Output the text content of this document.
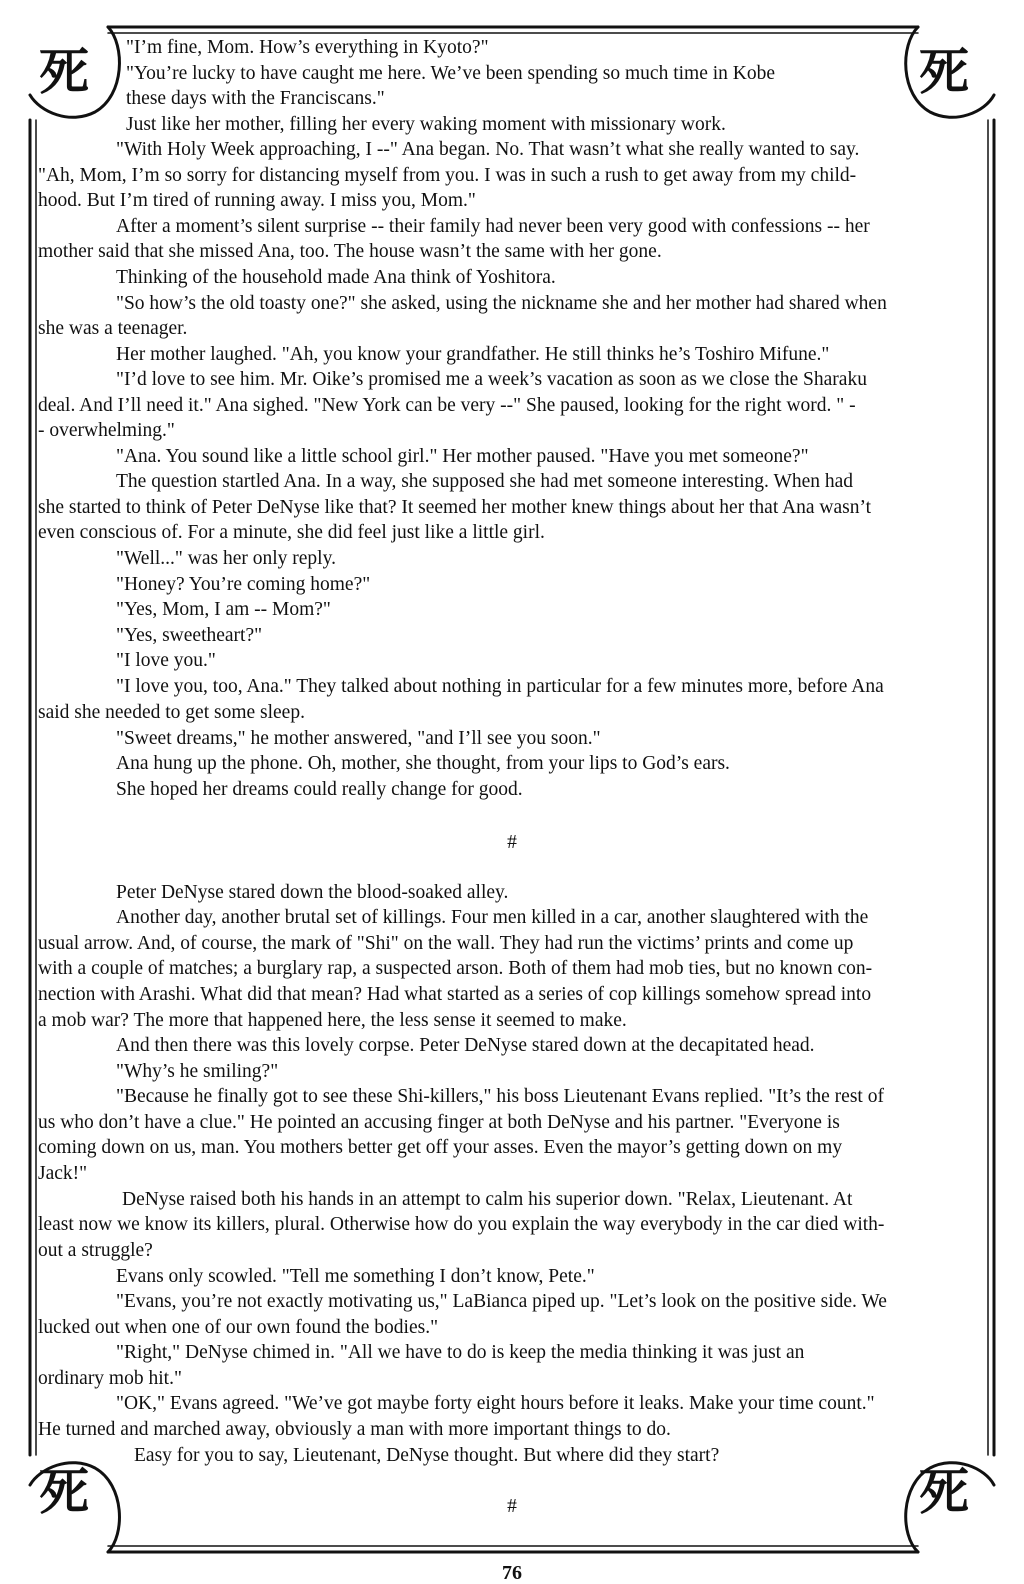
死	死
死	死
"I’m fine, Mom. How’s everything in Kyoto?"
"You’re lucky to have caught me here. We’ve been spending so much time in Kobe
these days with the Franciscans."
Just like her mother, filling her every waking moment with missionary work.
"With Holy Week approaching, I --" Ana began. No. That wasn’t what she really wanted to say.
"Ah, Mom, I’m so sorry for distancing myself from you. I was in such a rush to get away from my child-
hood. But I’m tired of running away. I miss you, Mom."
After a moment’s silent surprise -- their family had never been very good with confessions -- her
mother said that she missed Ana, too. The house wasn’t the same with her gone.
Thinking of the household made Ana think of Yoshitora.
"So how’s the old toasty one?" she asked, using the nickname she and her mother had shared when
she was a teenager.
Her mother laughed. "Ah, you know your grandfather. He still thinks he’s Toshiro Mifune."
"I’d love to see him. Mr. Oike’s promised me a week’s vacation as soon as we close the Sharaku
deal. And I’ll need it." Ana sighed. "New York can be very --" She paused, looking for the right word. " -
- overwhelming."
"Ana. You sound like a little school girl." Her mother paused. "Have you met someone?"
The question startled Ana. In a way, she supposed she had met someone interesting. When had
she started to think of Peter DeNyse like that? It seemed her mother knew things about her that Ana wasn’t
even conscious of. For a minute, she did feel just like a little girl.
"Well..." was her only reply.
"Honey? You’re coming home?"
"Yes, Mom, I am -- Mom?"
"Yes, sweetheart?"
"I love you."
"I love you, too, Ana." They talked about nothing in particular for a few minutes more, before Ana
said she needed to get some sleep.
"Sweet dreams," he mother answered, "and I’ll see you soon."
Ana hung up the phone. Oh, mother, she thought, from your lips to God’s ears.
She hoped her dreams could really change for good.
#
Peter DeNyse stared down the blood-soaked alley.
Another day, another brutal set of killings. Four men killed in a car, another slaughtered with the
usual arrow. And, of course, the mark of "Shi" on the wall. They had run the victims’ prints and come up
with a couple of matches; a burglary rap, a suspected arson. Both of them had mob ties, but no known con-
nection with Arashi. What did that mean? Had what started as a series of cop killings somehow spread into
a mob war? The more that happened here, the less sense it seemed to make.
And then there was this lovely corpse. Peter DeNyse stared down at the decapitated head.
"Why’s he smiling?"
"Because he finally got to see these Shi-killers," his boss Lieutenant Evans replied. "It’s the rest of
us who don’t have a clue." He pointed an accusing finger at both DeNyse and his partner. "Everyone is
coming down on us, man. You mothers better get off your asses. Even the mayor’s getting down on my
Jack!"
DeNyse raised both his hands in an attempt to calm his superior down. "Relax, Lieutenant. At
least now we know its killers, plural. Otherwise how do you explain the way everybody in the car died with-
out a struggle?
Evans only scowled. "Tell me something I don’t know, Pete."
"Evans, you’re not exactly motivating us," LaBianca piped up. "Let’s look on the positive side. We
lucked out when one of our own found the bodies."
"Right," DeNyse chimed in. "All we have to do is keep the media thinking it was just an
ordinary mob hit."
"OK," Evans agreed. "We’ve got maybe forty eight hours before it leaks. Make your time count."
He turned and marched away, obviously a man with more important things to do.
Easy for you to say, Lieutenant, DeNyse thought. But where did they start?
#
76
